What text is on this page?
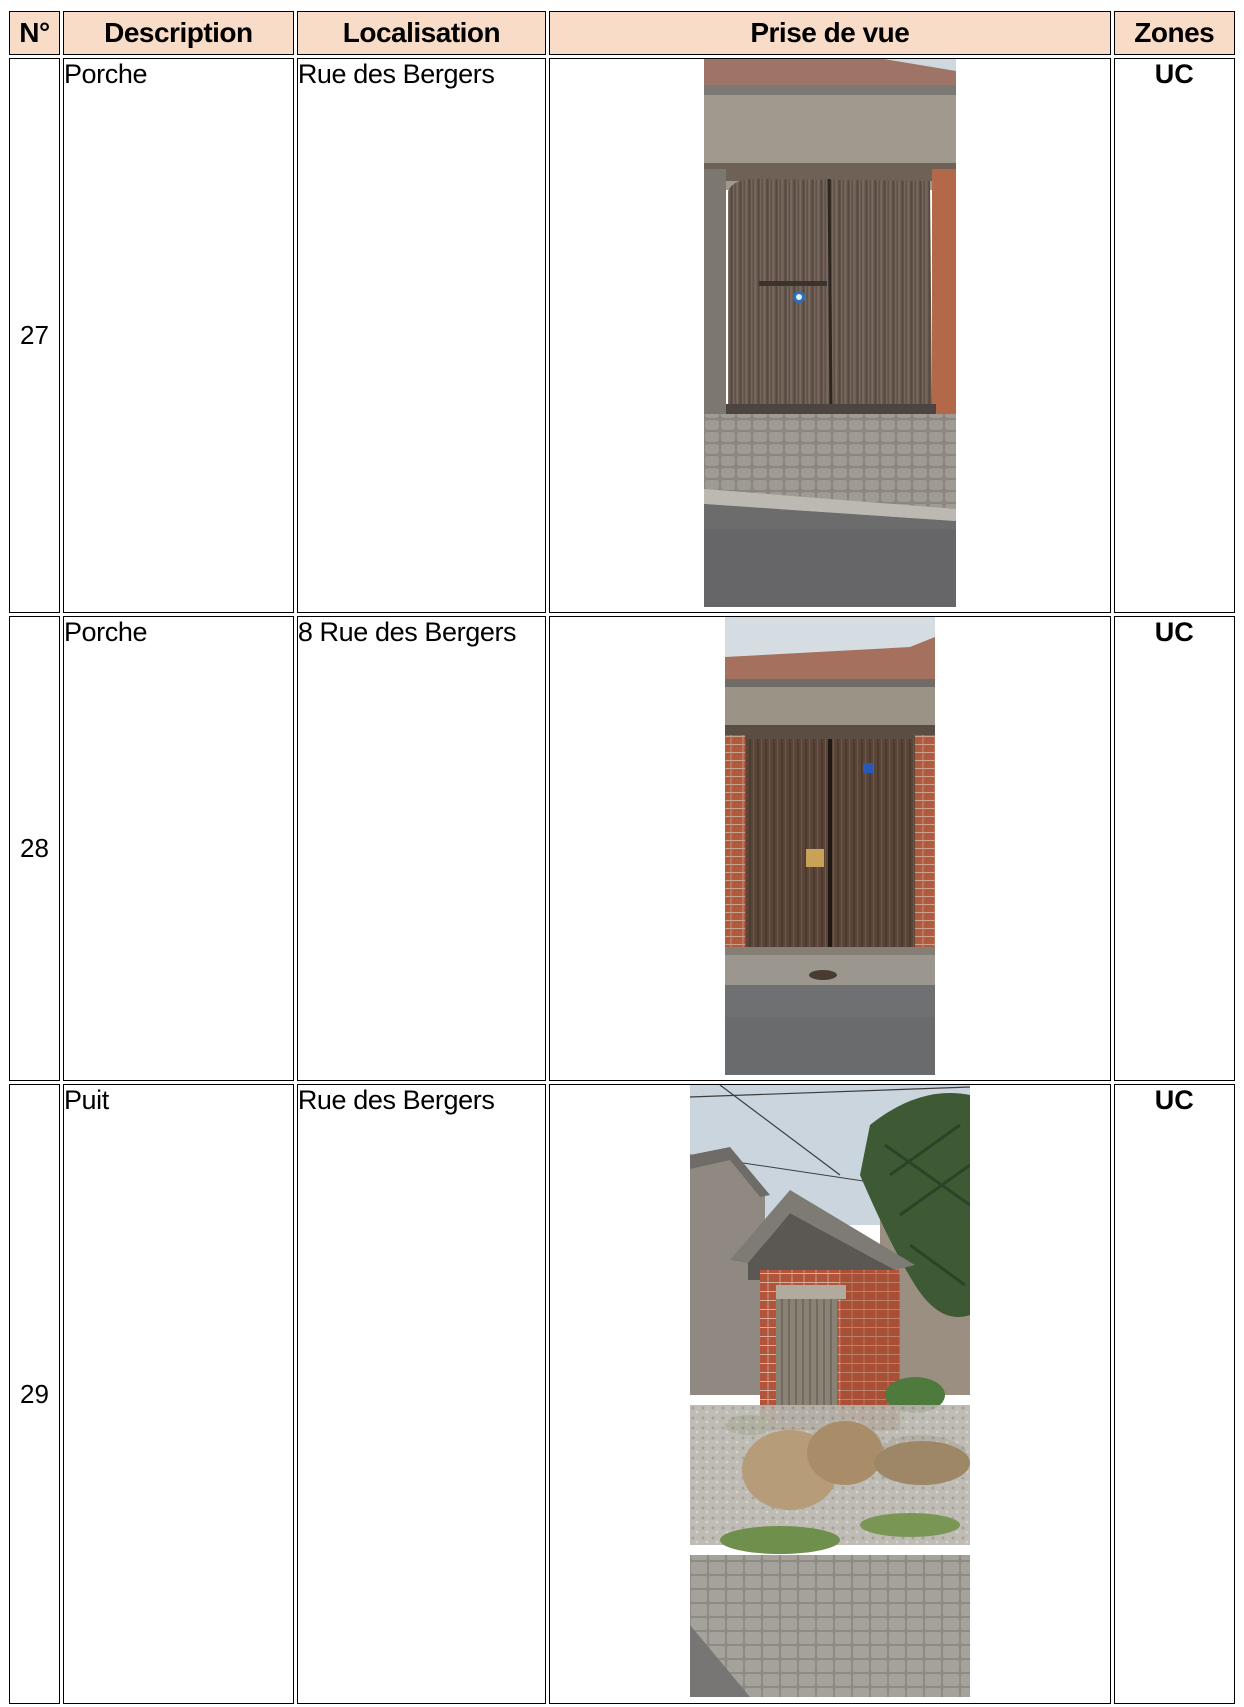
N°	Description	Localisation	Prise de vue	Zones
27	Porche	Rue des Bergers		UC
28	Porche	8 Rue des Bergers		UC
29	Puit	Rue des Bergers		UC
